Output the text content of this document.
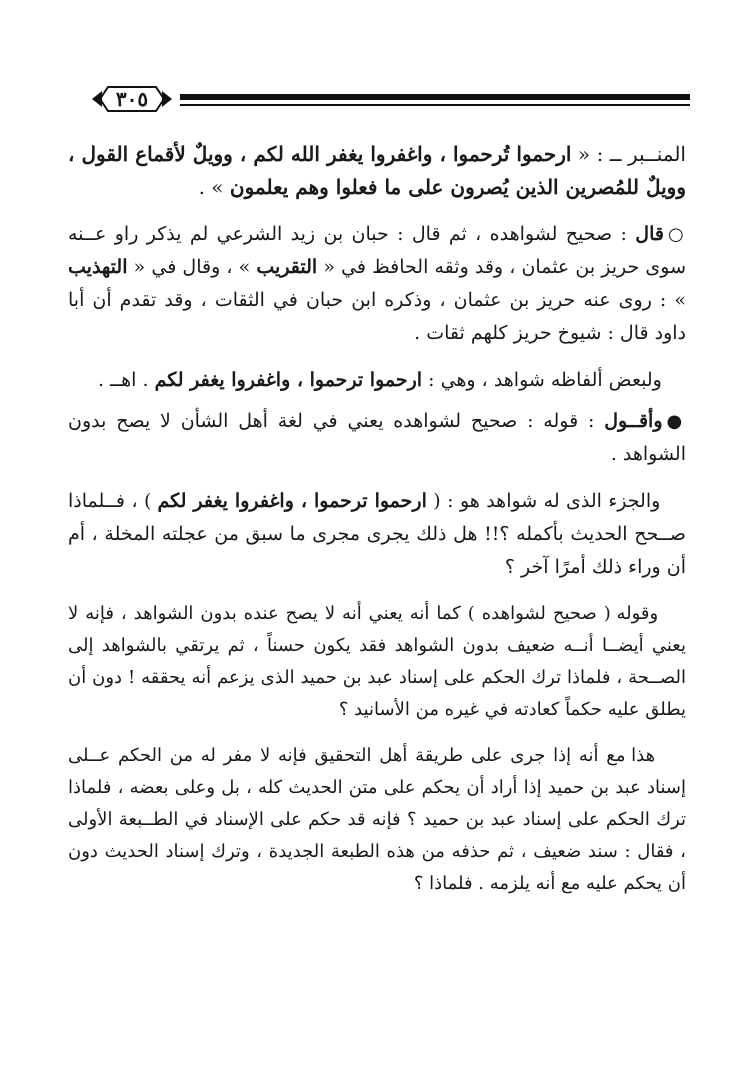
٣٠٥

المنــبر ــ : « ارحموا تُرحموا ، واغفروا يغفر الله لكم ، وويلٌ لأقماع القول ، وويلٌ للمُصرين الذين يُصرون على ما فعلوا وهم يعلمون » .

○قال : صحيح لشواهده ، ثم قال : حبان بن زيد الشرعي لم يذكر راو عــنه سوى حريز بن عثمان ، وقد وثقه الحافظ في « التقريب » ، وقال في « التهذيب » : روى عنه حريز بن عثمان ، وذكره ابن حبان في الثقات ، وقد تقدم أن أبا داود قال : شيوخ حريز كلهم ثقات .

ولبعض ألفاظه شواهد ، وهي : ارحموا ترحموا ، واغفروا يغفر لكم . اهــ .

●وأقــول : قوله : صحيح لشواهده يعني في لغة أهل الشأن لا يصح بدون الشواهد .

والجزء الذى له شواهد هو : ( ارحموا ترحموا ، واغفروا يغفر لكم ) ، فــلماذا صــحح الحديث بأكمله ؟!! هل ذلك يجرى مجرى ما سبق من عجلته المخلة ، أم أن وراء ذلك أمرًا آخر ؟

وقوله ( صحيح لشواهده ) كما أنه يعني أنه لا يصح عنده بدون الشواهد ، فإنه لا يعني أيضــا أنــه ضعيف بدون الشواهد فقد يكون حسناً ، ثم يرتقي بالشواهد إلى الصــحة ، فلماذا ترك الحكم على إسناد عبد بن حميد الذى يزعم أنه يحققه ! دون أن يطلق عليه حكماً كعادته في غيره من الأسانيد ؟

هذا مع أنه إذا جرى على طريقة أهل التحقيق فإنه لا مفر له من الحكم عــلى إسناد عبد بن حميد إذا أراد أن يحكم على متن الحديث كله ، بل وعلى بعضه ، فلماذا ترك الحكم على إسناد عبد بن حميد ؟ فإنه قد حكم على الإسناد في الطــبعة الأولى ، فقال : سند ضعيف ، ثم حذفه من هذه الطبعة الجديدة ، وترك إسناد الحديث دون أن يحكم عليه مع أنه يلزمه . فلماذا ؟
